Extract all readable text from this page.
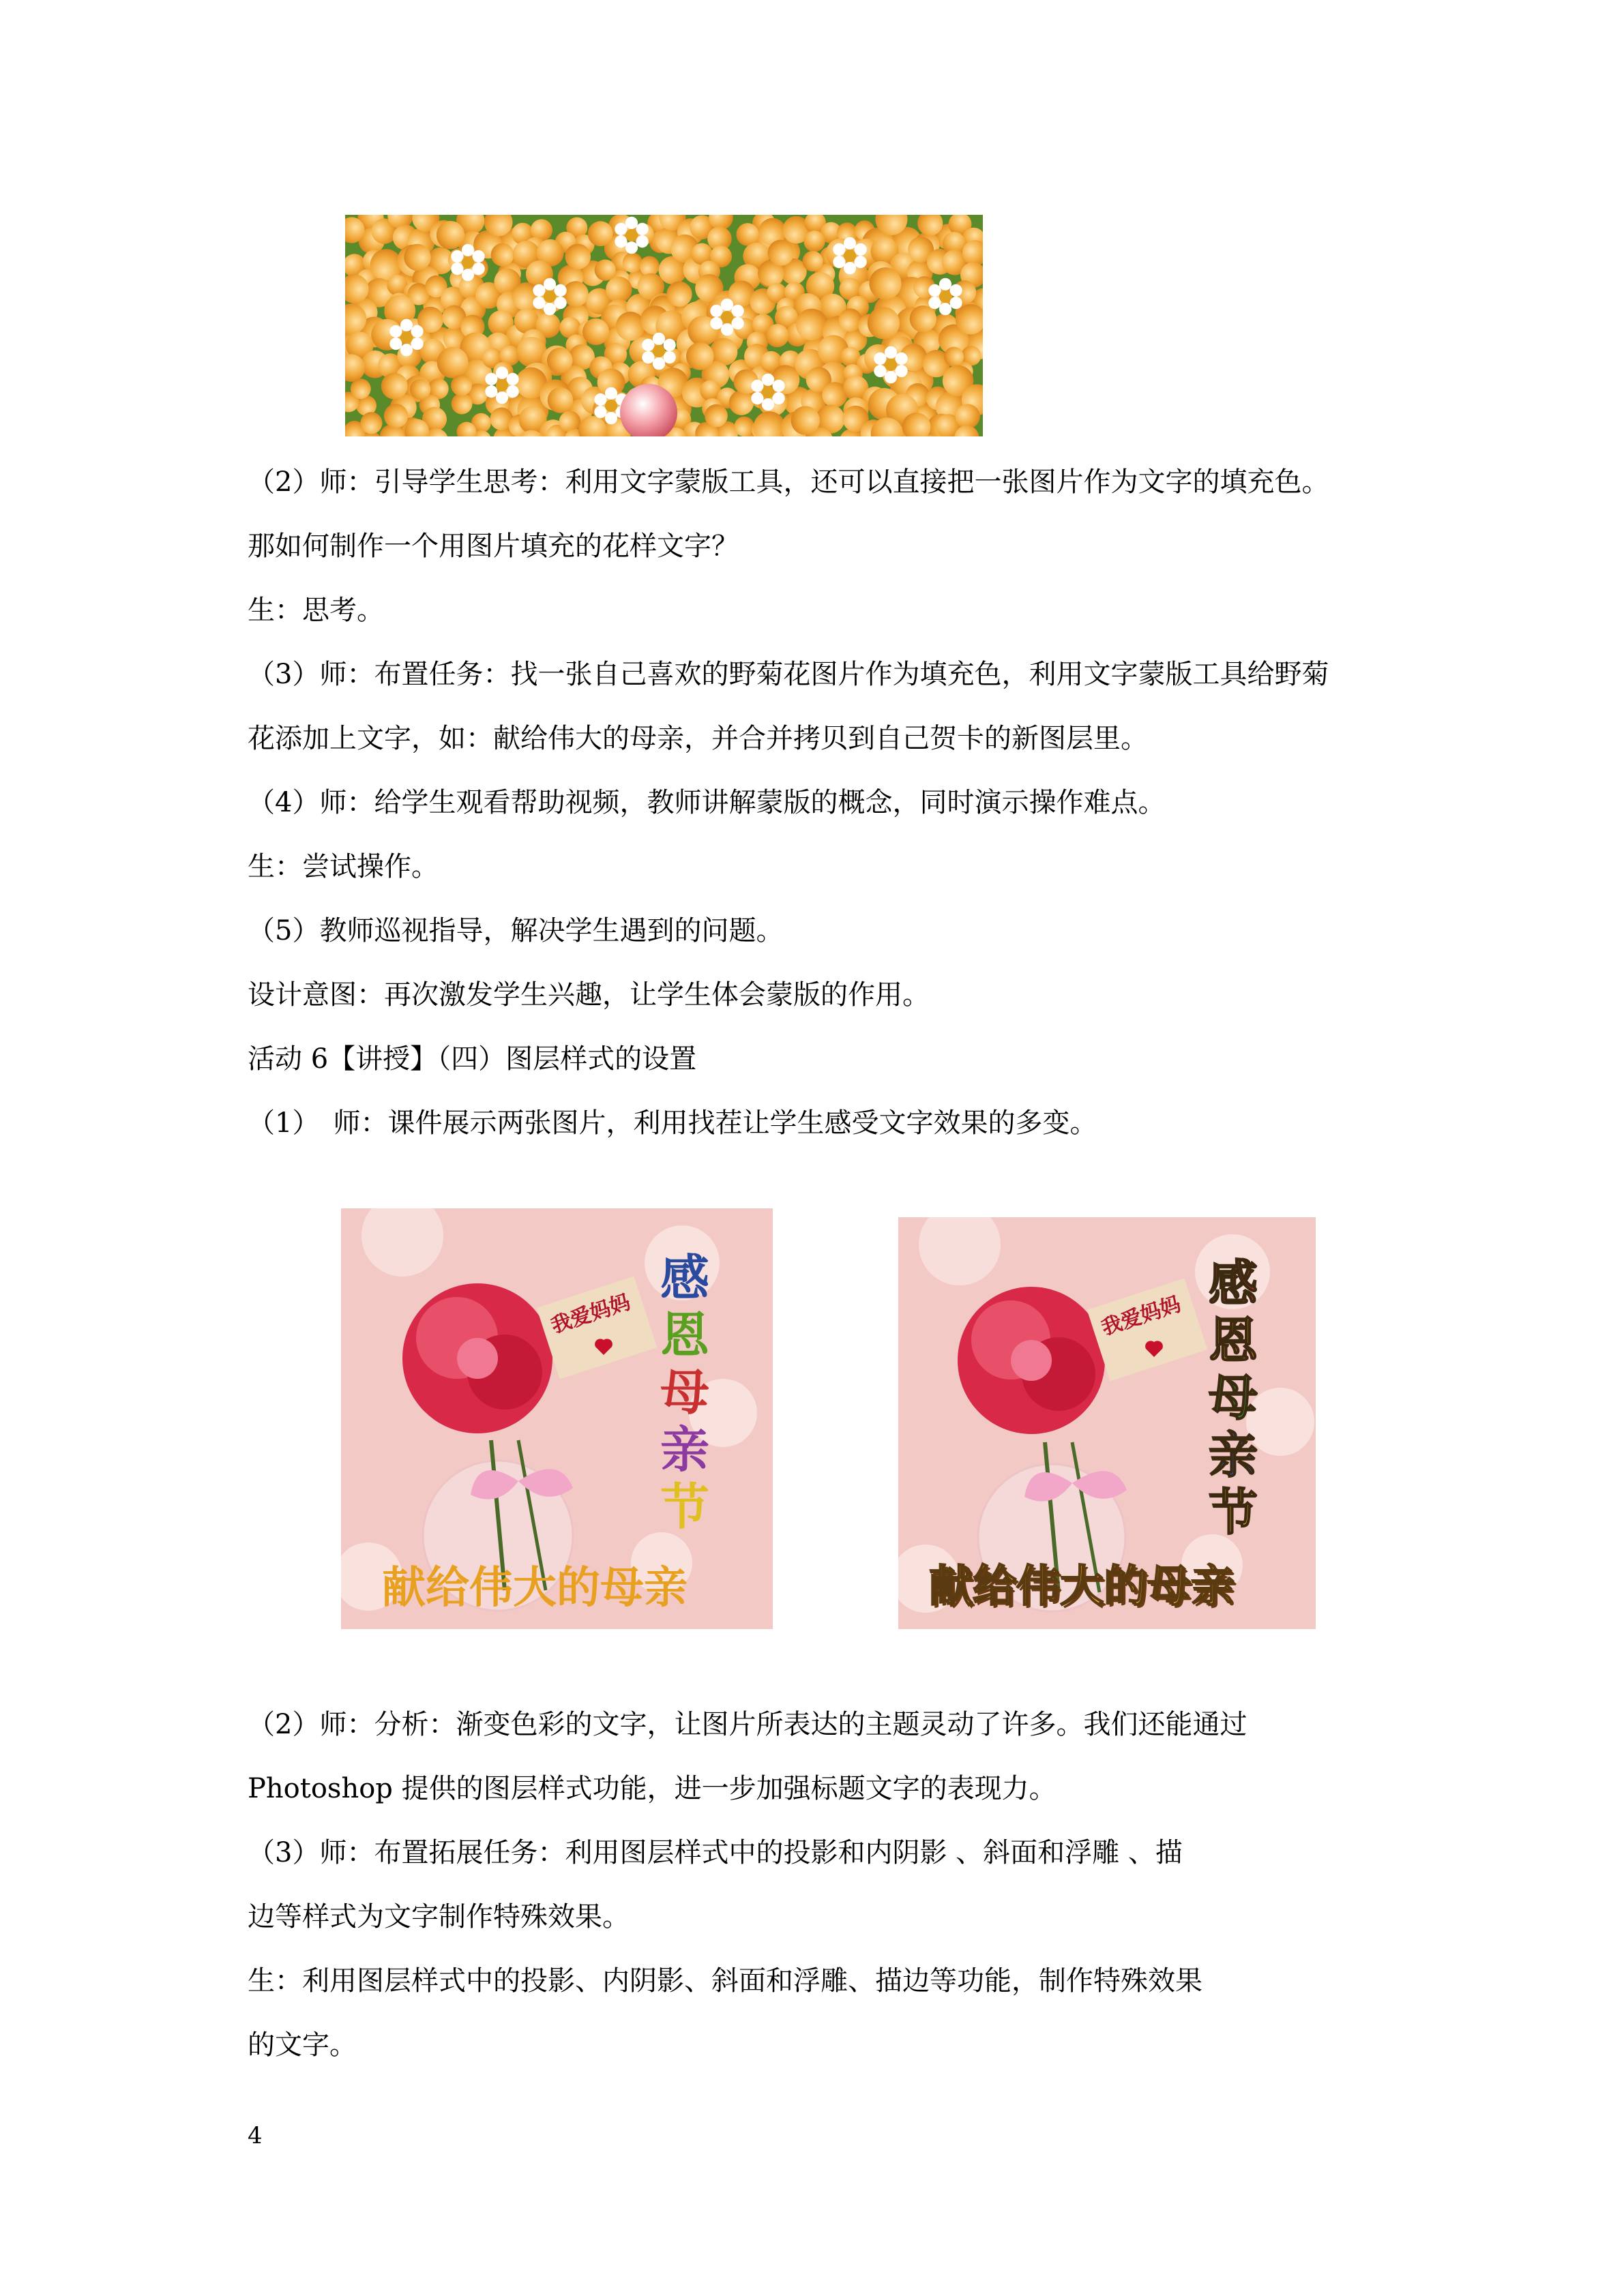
（2）师：引导学生思考：利用文字蒙版工具，还可以直接把一张图片作为文字的填充色。

那如何制作一个用图片填充的花样文字？

生：思考。

（3）师：布置任务：找一张自己喜欢的野菊花图片作为填充色，利用文字蒙版工具给野菊

花添加上文字，如：献给伟大的母亲，并合并拷贝到自己贺卡的新图层里。

（4）师：给学生观看帮助视频，教师讲解蒙版的概念，同时演示操作难点。

生：尝试操作。

（5）教师巡视指导，解决学生遇到的问题。

设计意图：再次激发学生兴趣，让学生体会蒙版的作用。

活动 6【讲授】（四）图层样式的设置

（1）　师：课件展示两张图片，利用找茬让学生感受文字效果的多变。

我爱妈妈
感
恩
母
亲
节
献给伟大的母亲
我爱妈妈
感
恩
母
亲
节
献给伟大的母亲

（2）师：分析：渐变色彩的文字，让图片所表达的主题灵动了许多。我们还能通过

Photoshop 提供的图层样式功能，进一步加强标题文字的表现力。

（3）师：布置拓展任务：利用图层样式中的投影和内阴影 、斜面和浮雕 、描

边等样式为文字制作特殊效果。

生：利用图层样式中的投影、内阴影、斜面和浮雕、描边等功能，制作特殊效果

的文字。

4
